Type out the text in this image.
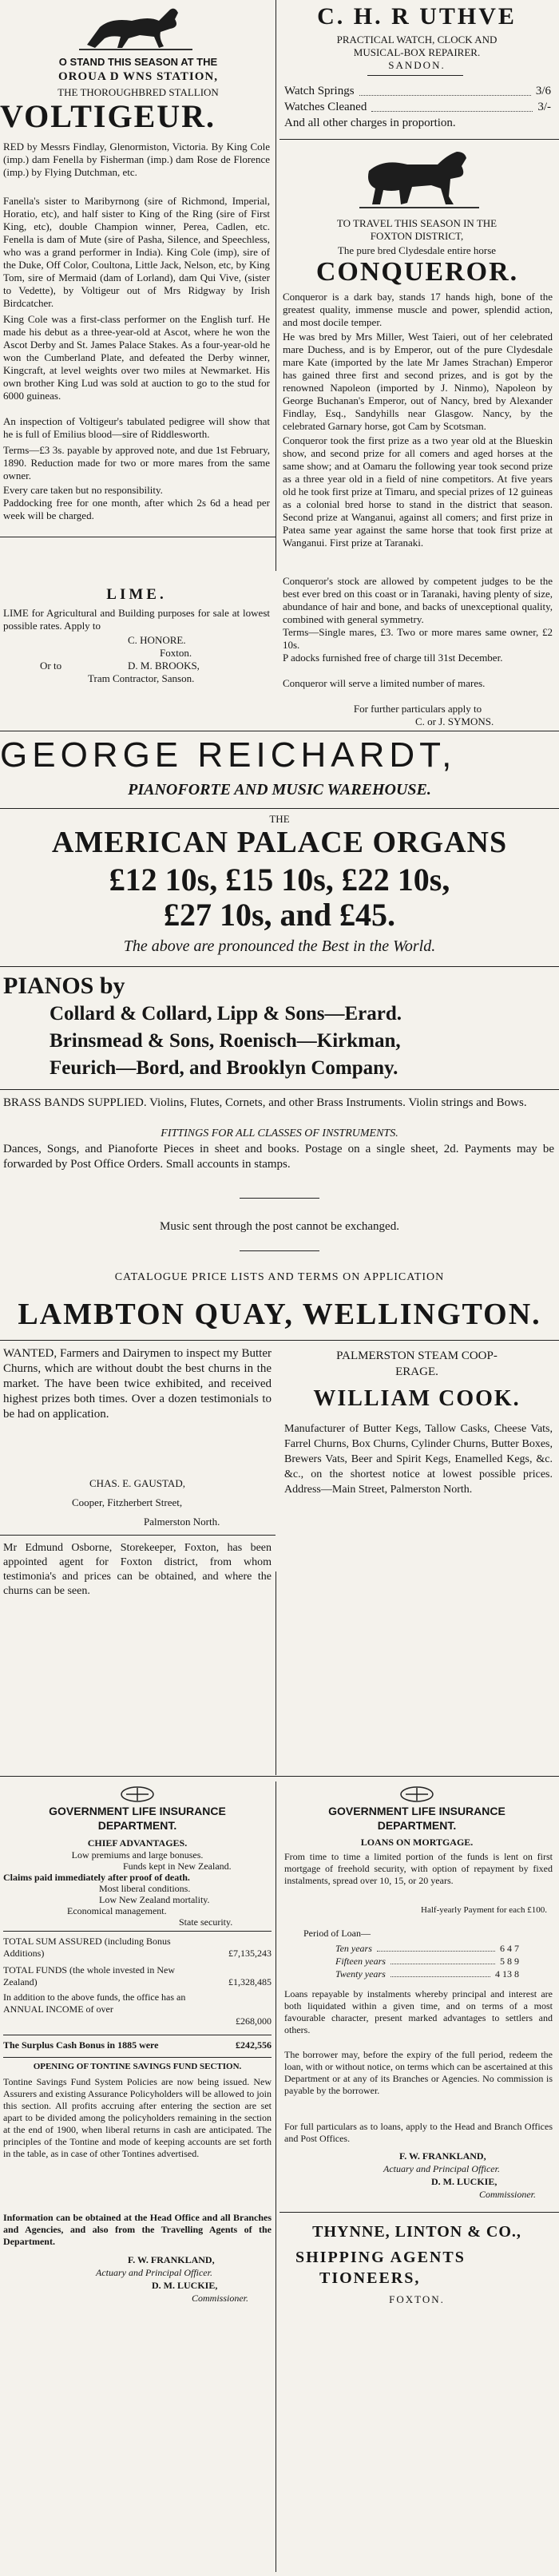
O STAND THIS SEASON AT THE
OROUA D WNS STATION,
THE THOROUGHBRED STALLION
VOLTIGEUR.
RED by Messrs Findlay, Glenormiston, Victoria. By King Cole (imp.) dam Fenella by Fisherman (imp.) dam Rose de Florence (imp.) by Flying Dutchman, etc.
Fanella's sister to Maribyrnong (sire of Richmond, Imperial, Horatio, etc), and half sister to King of the Ring (sire of First King, etc), double Champion winner, Perea, Cadlen, etc. Fenella is dam of Mute (sire of Pasha, Silence, and Speechless, who was a grand performer in India). King Cole (imp), sire of the Duke, Off Color, Coultona, Little Jack, Nelson, etc, by King Tom, sire of Mermaid (dam of Lorland), dam Qui Vive, (sister to Vedette), by Voltigeur out of Mrs Ridgway by Irish Birdcatcher.
King Cole was a first-class performer on the English turf. He made his debut as a three-year-old at Ascot, where he won the Ascot Derby and St. James Palace Stakes. As a four-year-old he won the Cumberland Plate, and defeated the Derby winner, Kingcraft, at level weights over two miles at Newmarket. His own brother King Lud was sold at auction to go to the stud for 6000 guineas.
An inspection of Voltigeur's tabulated pedigree will show that he is full of Emilius blood—sire of Riddlesworth.
Terms—£3 3s. payable by approved note, and due 1st February, 1890. Reduction made for two or more mares from the same owner.
Every care taken but no responsibility.
Paddocking free for one month, after which 2s 6d a head per week will be charged.
LIME.
LIME for Agricultural and Building purposes for sale at lowest possible rates. Apply to
C. HONORE.
Foxton.
Or to	D. M. BROOKS,
Tram Contractor, Sanson.
C. H. R UTHVE
PRACTICAL WATCH, CLOCK AND
MUSICAL-BOX REPAIRER.
SANDON.
Watch Springs	3/6
Watches Cleaned	3/-
And all other charges in proportion.
TO TRAVEL THIS SEASON IN THE
FOXTON DISTRICT,
The pure bred Clydesdale entire horse
CONQUEROR.
Conqueror is a dark bay, stands 17 hands high, bone of the greatest quality, immense muscle and power, splendid action, and most docile temper.
He was bred by Mrs Miller, West Taieri, out of her celebrated mare Duchess, and is by Emperor, out of the pure Clydesdale mare Kate (imported by the late Mr James Strachan) Emperor has gained three first and second prizes, and is got by the renowned Napoleon (imported by J. Ninmo), Napoleon by George Buchanan's Emperor, out of Nancy, bred by Alexander Findlay, Esq., Sandyhills near Glasgow. Nancy, by the celebrated Garnary horse, got Cam by Scotsman.
Conqueror took the first prize as a two year old at the Blueskin show, and second prize for all comers and aged horses at the same show; and at Oamaru the following year took second prize as a three year old in a field of nine competitors. At five years old he took first prize at Timaru, and special prizes of 12 guineas as a colonial bred horse to stand in the district that season. Second prize at Wanganui, against all comers; and first prize in Patea same year against the same horse that took first prize at Wanganui. First prize at Taranaki.
Conqueror's stock are allowed by competent judges to be the best ever bred on this coast or in Taranaki, having plenty of size, abundance of hair and bone, and backs of unexceptional quality, combined with general symmetry.
Terms—Single mares, £3. Two or more mares same owner, £2 10s.
P adocks furnished free of charge till 31st December.
Conqueror will serve a limited number of mares.
For further particulars apply to
C. or J. SYMONS.
GEORGE REICHARDT,
PIANOFORTE AND MUSIC WAREHOUSE.
THE
AMERICAN PALACE ORGANS
£12 10s, £15 10s, £22 10s,
£27 10s, and £45.
The above are pronounced the Best in the World.
PIANOS by
Collard & Collard, Lipp & Sons—Erard.
Brinsmead & Sons, Roenisch—Kirkman,
Feurich—Bord, and Brooklyn Company.
BRASS BANDS SUPPLIED. Violins, Flutes, Cornets, and other Brass Instruments. Violin strings and Bows.
FITTINGS FOR ALL CLASSES OF INSTRUMENTS.
Dances, Songs, and Pianoforte Pieces in sheet and books. Postage on a single sheet, 2d. Payments may be forwarded by Post Office Orders. Small accounts in stamps.
Music sent through the post cannot be exchanged.
CATALOGUE PRICE LISTS AND TERMS ON APPLICATION
LAMBTON QUAY, WELLINGTON.
WANTED, Farmers and Dairymen to inspect my Butter Churns, which are without doubt the best churns in the market. The have been twice exhibited, and received highest prizes both times. Over a dozen testimonials to be had on application.
CHAS. E. GAUSTAD,
Cooper, Fitzherbert Street,
Palmerston North.
Mr Edmund Osborne, Storekeeper, Foxton, has been appointed agent for Foxton district, from whom testimonia's and prices can be obtained, and where the churns can be seen.
PALMERSTON STEAM COOP-
ERAGE.
WILLIAM COOK.
Manufacturer of Butter Kegs, Tallow Casks, Cheese Vats, Farrel Churns, Box Churns, Cylinder Churns, Butter Boxes, Brewers Vats, Beer and Spirit Kegs, Enamelled Kegs, &c. &c., on the shortest notice at lowest possible prices. Address—Main Street, Palmerston North.
GOVERNMENT LIFE INSURANCE
DEPARTMENT.
CHIEF ADVANTAGES.
Low premiums and large bonuses.
Funds kept in New Zealand.
Claims paid immediately after proof of death.
Most liberal conditions.
Low New Zealand mortality.
Economical management.
State security.
TOTAL SUM ASSURED (including Bonus Additions)	£7,135,243
TOTAL FUNDS (the whole invested in New Zealand)	£1,328,485
In addition to the above funds, the office has an ANNUAL INCOME of over
£268,000
The Surplus Cash Bonus in 1885 were	£242,556
OPENING OF TONTINE SAVINGS FUND SECTION.
Tontine Savings Fund System Policies are now being issued. New Assurers and existing Assurance Policyholders will be allowed to join this section. All profits accruing after entering the section are set apart to be divided among the policyholders remaining in the section at the end of 1900, when liberal returns in cash are anticipated. The principles of the Tontine and mode of keeping accounts are set forth in the table, as in case of other Tontines advertised.
Information can be obtained at the Head Office and all Branches and Agencies, and also from the Travelling Agents of the Department.
F. W. FRANKLAND,
Actuary and Principal Officer.
D. M. LUCKIE,
Commissioner.
GOVERNMENT LIFE INSURANCE
DEPARTMENT.
LOANS ON MORTGAGE.
From time to time a limited portion of the funds is lent on first mortgage of freehold security, with option of repayment by fixed instalments, spread over 10, 15, or 20 years.
Half-yearly Payment for each £100.
Period of Loan—
Ten years	6 4 7
Fifteen years	5 8 9
Twenty years	4 13 8
Loans repayable by instalments whereby principal and interest are both liquidated within a given time, and on terms of a most favourable character, present marked advantages to settlers and others.
The borrower may, before the expiry of the full period, redeem the loan, with or without notice, on terms which can be ascertained at this Department or at any of its Branches or Agencies. No commission is payable by the borrower.
For full particulars as to loans, apply to the Head and Branch Offices and Post Offices.
F. W. FRANKLAND,
Actuary and Principal Officer.
D. M. LUCKIE,
Commissioner.
THYNNE, LINTON & CO.,
SHIPPING AGENTS
TIONEERS,
FOXTON.
